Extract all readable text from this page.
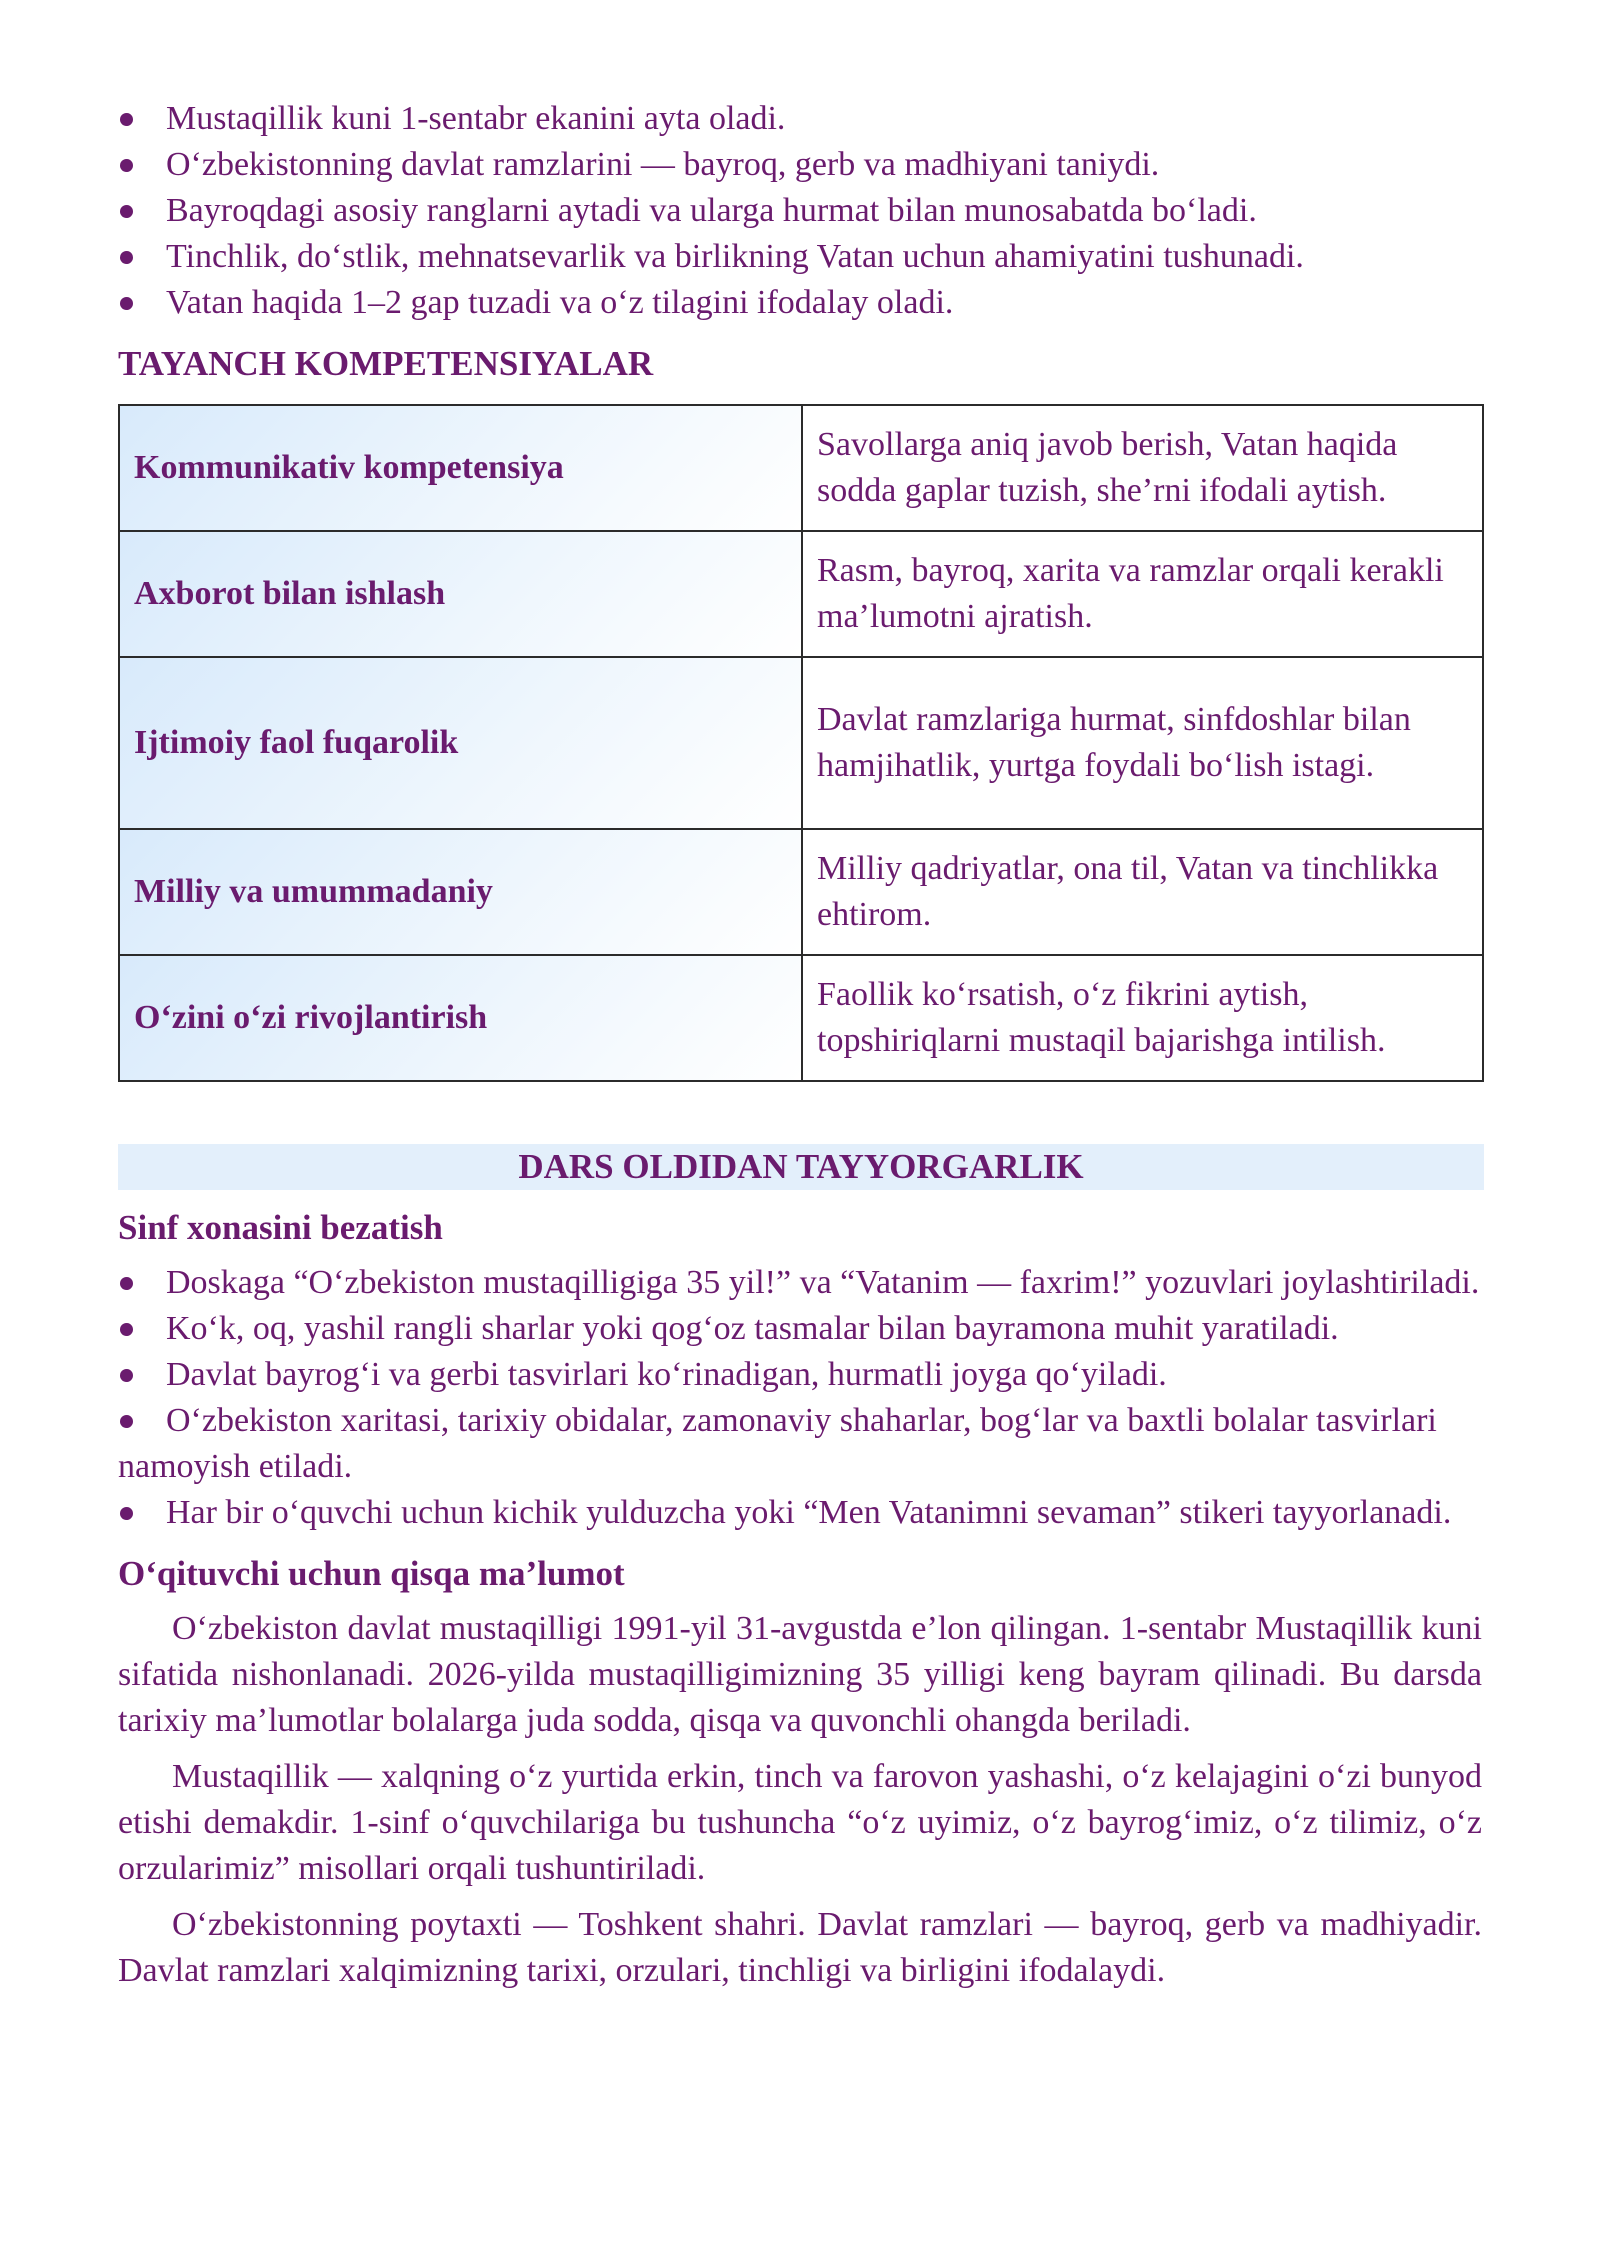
Mustaqillik kuni 1-sentabr ekanini ayta oladi.
O‘zbekistonning davlat ramzlarini — bayroq, gerb va madhiyani taniydi.
Bayroqdagi asosiy ranglarni aytadi va ularga hurmat bilan munosabatda bo‘ladi.
Tinchlik, do‘stlik, mehnatsevarlik va birlikning Vatan uchun ahamiyatini tushunadi.
Vatan haqida 1–2 gap tuzadi va o‘z tilagini ifodalay oladi.
TAYANCH KOMPETENSIYALAR
Kommunikativ kompetensiya	Savollarga aniq javob berish, Vatan haqida sodda gaplar tuzish, she’rni ifodali aytish.
Axborot bilan ishlash	Rasm, bayroq, xarita va ramzlar orqali kerakli ma’lumotni ajratish.
Ijtimoiy faol fuqarolik	Davlat ramzlariga hurmat, sinfdoshlar bilan hamjihatlik, yurtga foydali bo‘lish istagi.
Milliy va umummadaniy	Milliy qadriyatlar, ona til, Vatan va tinchlikka ehtirom.
O‘zini o‘zi rivojlantirish	Faollik ko‘rsatish, o‘z fikrini aytish, topshiriqlarni mustaqil bajarishga intilish.
DARS OLDIDAN TAYYORGARLIK
Sinf xonasini bezatish
Doskaga “O‘zbekiston mustaqilligiga 35 yil!” va “Vatanim — faxrim!” yozuvlari joylashtiriladi.
Ko‘k, oq, yashil rangli sharlar yoki qog‘oz tasmalar bilan bayramona muhit yaratiladi.
Davlat bayrog‘i va gerbi tasvirlari ko‘rinadigan, hurmatli joyga qo‘yiladi.
O‘zbekiston xaritasi, tarixiy obidalar, zamonaviy shaharlar, bog‘lar va baxtli bolalar tasvirlari namoyish etiladi.
Har bir o‘quvchi uchun kichik yulduzcha yoki “Men Vatanimni sevaman” stikeri tayyorlanadi.
O‘qituvchi uchun qisqa ma’lumot

O‘zbekiston davlat mustaqilligi 1991-yil 31-avgustda e’lon qilingan. 1-sentabr Mustaqillik kuni sifatida nishonlanadi. 2026-yilda mustaqilligimizning 35 yilligi keng bayram qilinadi. Bu darsda tarixiy ma’lumotlar bolalarga juda sodda, qisqa va quvonchli ohangda beriladi.

Mustaqillik — xalqning o‘z yurtida erkin, tinch va farovon yashashi, o‘z kelajagini o‘zi bunyod etishi demakdir. 1-sinf o‘quvchilariga bu tushuncha “o‘z uyimiz, o‘z bayrog‘imiz, o‘z tilimiz, o‘z orzularimiz” misollari orqali tushuntiriladi.

O‘zbekistonning poytaxti — Toshkent shahri. Davlat ramzlari — bayroq, gerb va madhiyadir. Davlat ramzlari xalqimizning tarixi, orzulari, tinchligi va birligini ifodalaydi.
